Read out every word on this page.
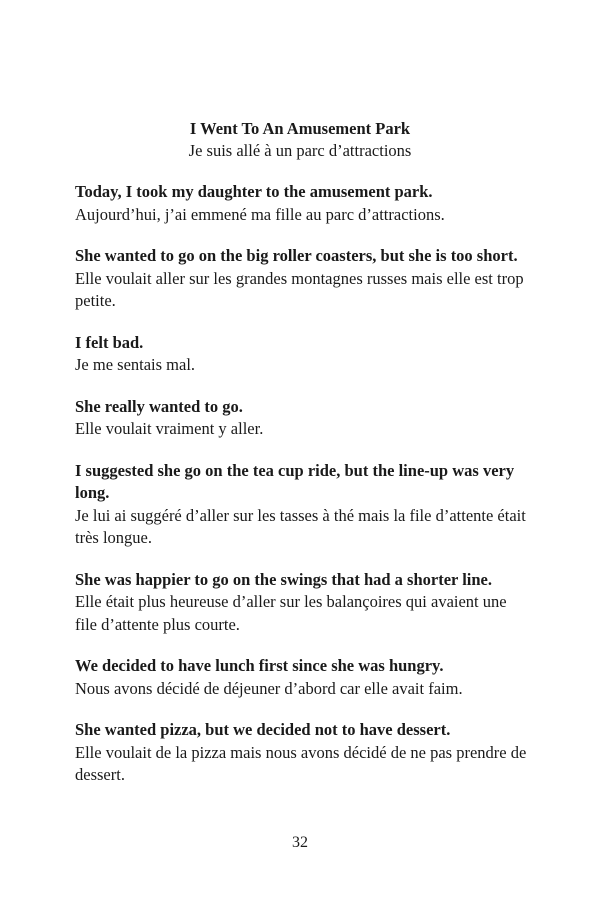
I Went To An Amusement Park
Je suis allé à un parc d’attractions
Today, I took my daughter to the amusement park.
Aujourd’hui, j’ai emmené ma fille au parc d’attractions.
She wanted to go on the big roller coasters, but she is too short.
Elle voulait aller sur les grandes montagnes russes mais elle est trop petite.
I felt bad.
Je me sentais mal.
She really wanted to go.
Elle voulait vraiment y aller.
I suggested she go on the tea cup ride, but the line-up was very long.
Je lui ai suggéré d’aller sur les tasses à thé mais la file d’attente était très longue.
She was happier to go on the swings that had a shorter line.
Elle était plus heureuse d’aller sur les balançoires qui avaient une file d’attente plus courte.
We decided to have lunch first since she was hungry.
Nous avons décidé de déjeuner d’abord car elle avait faim.
She wanted pizza, but we decided not to have dessert.
Elle voulait de la pizza mais nous avons décidé de ne pas prendre de dessert.
32
